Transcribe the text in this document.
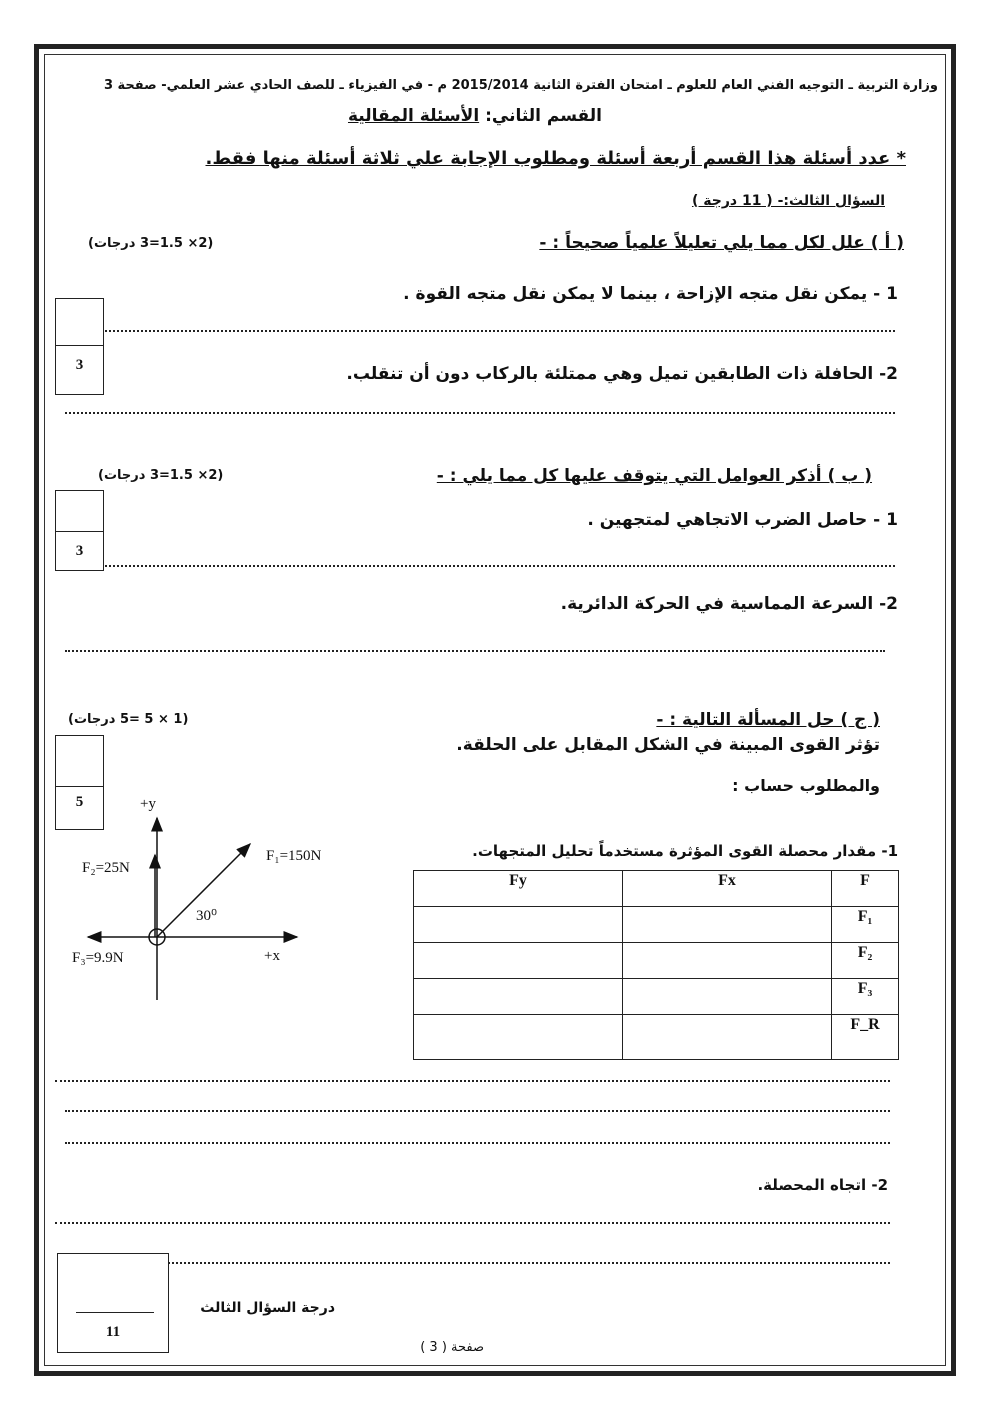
وزارة التربية ـ التوجيه الفني العام للعلوم ـ امتحان الفترة الثانية 2015/2014 م - في الفيزياء ـ للصف الحادي عشر العلمي- صفحة 3
القسم الثاني: الأسئلة المقالية
* عدد أسئلة هذا القسم أربعة أسئلة ومطلوب الإجابة علي ثلاثة أسئلة منها فقط.
السؤال الثالث:- ( 11 درجة )
( أ ) علل لكل مما يلي تعليلاً علمياً صحيحاً : -
(2× 1.5=3 درجات)
1 - يمكن نقل متجه الإزاحة ، بينما لا يمكن نقل متجه القوة .
3	2- الحافلة ذات الطابقين تميل وهي ممتلئة بالركاب دون أن تنقلب.
( ب ) أذكر العوامل التي يتوقف عليها كل مما يلي : -
(2× 1.5=3 درجات)
1 - حاصل الضرب الاتجاهي لمتجهين .
3
2- السرعة المماسية في الحركة الدائرية.
( ج ) حل المسألة التالية : -
(1 × 5 =5 درجات)
5
تؤثر القوى المبينة في الشكل المقابل على الحلقة.
والمطلوب حساب :
1- مقدار محصلة القوى المؤثرة مستخدماً تحليل المتجهات.
+y
F₂=25N
F₁=150N
30⁰
F₃=9.9N	+x
Fy	Fx	F
		F₁
		F₂
		F₃
		F_R
2- اتجاه المحصلة.
11
درجة السؤال الثالث
صفحة ( 3 )
